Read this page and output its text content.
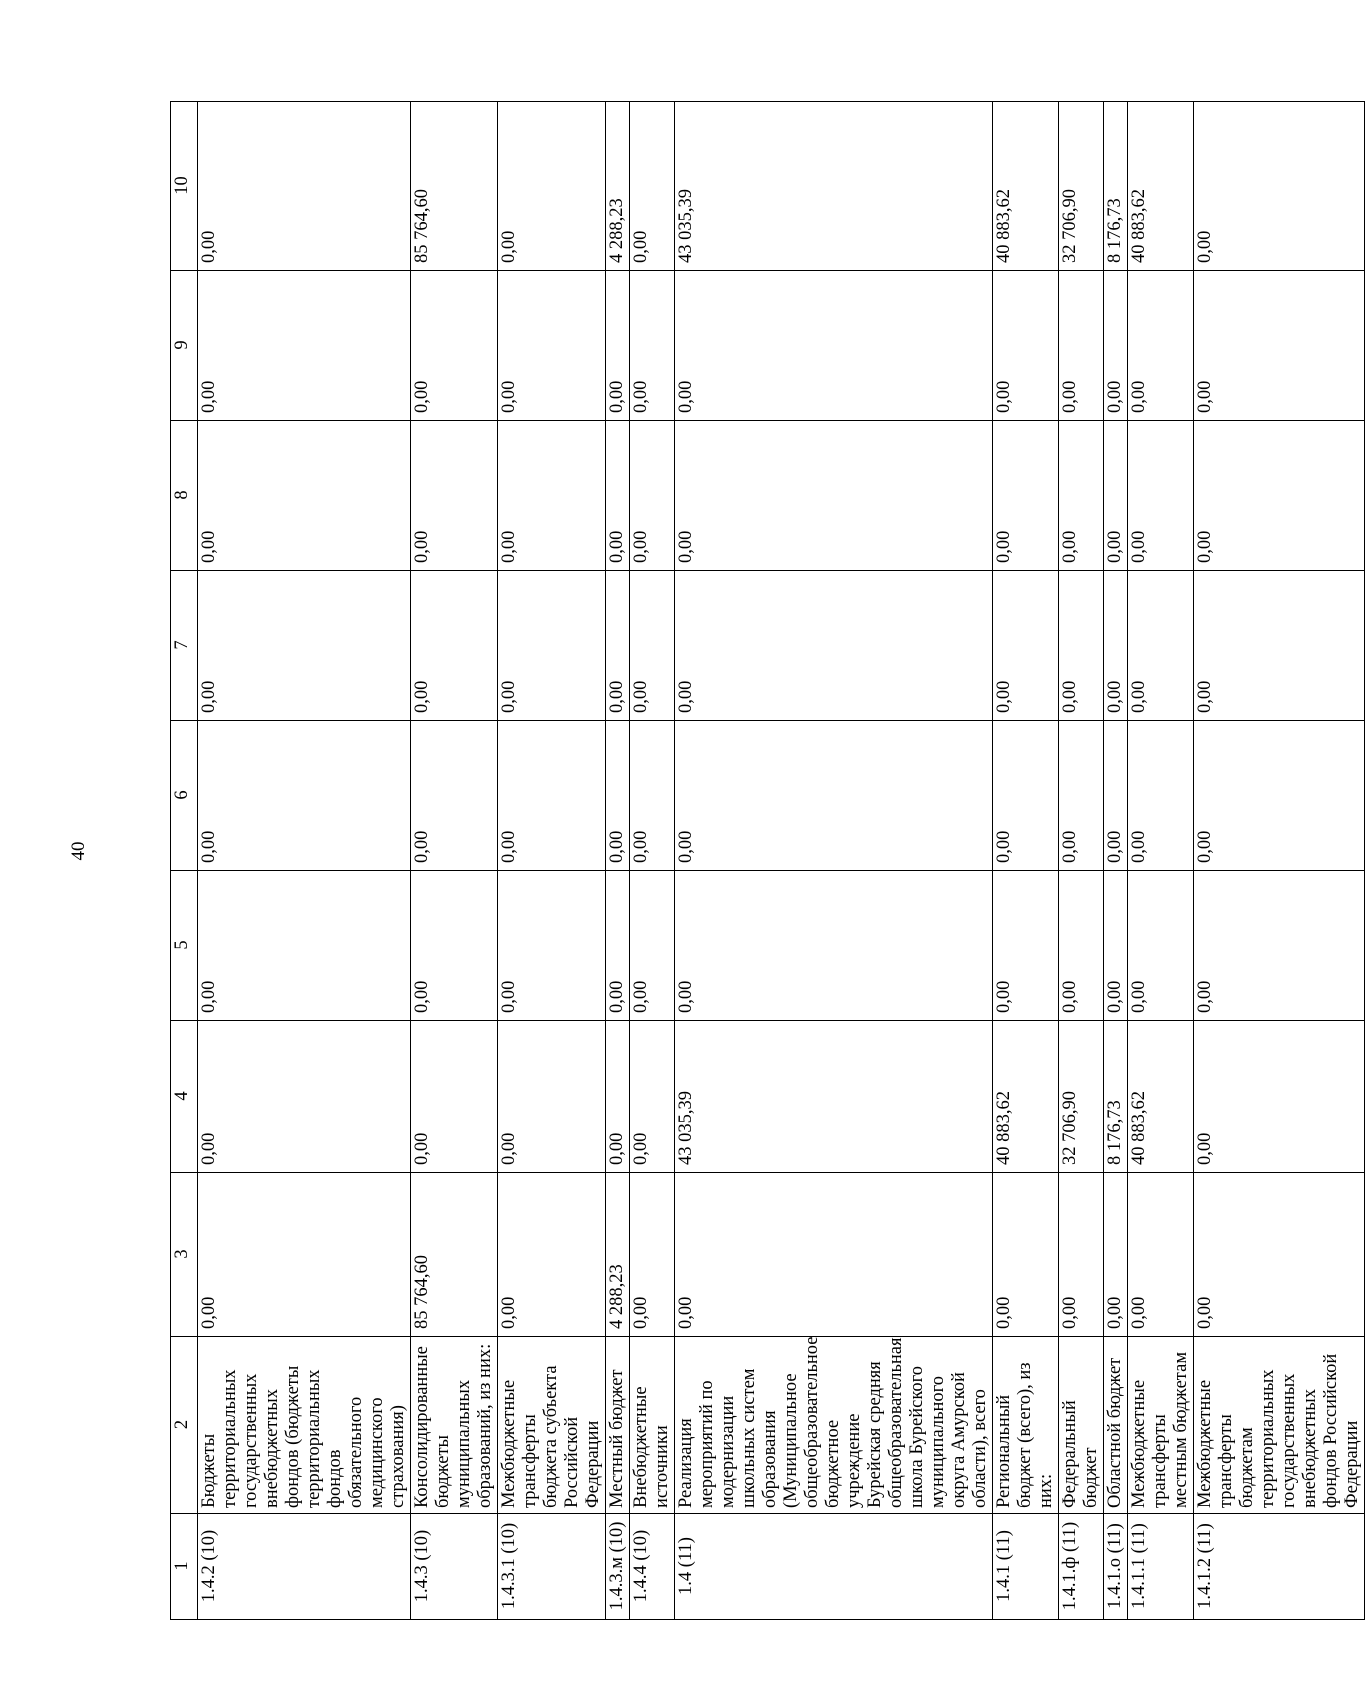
40
1	2	3	4	5	6	7	8	9	10
1.4.2 (10)	Бюджеты территориальных государственных внебюджетных фондов (бюджеты территориальных фондов обязательного медицинского страхования)	0,00	0,00	0,00	0,00	0,00	0,00	0,00	0,00
1.4.3 (10)	Консолидированные бюджеты муниципальных образований, из них:	85 764,60	0,00	0,00	0,00	0,00	0,00	0,00	85 764,60
1.4.3.1 (10)	Межбюджетные трансферты бюджета субъекта Российской Федерации	0,00	0,00	0,00	0,00	0,00	0,00	0,00	0,00
1.4.3.м (10)	Местный бюджет	4 288,23	0,00	0,00	0,00	0,00	0,00	0,00	4 288,23
1.4.4 (10)	Внебюджетные источники	0,00	0,00	0,00	0,00	0,00	0,00	0,00	0,00
1.4 (11)	Реализация мероприятий по модернизации школьных систем образования (Муниципальное общеобразовательное бюджетное учреждение Бурейская средняя общеобразовательная школа Бурейского муниципального округа Амурской области), всего	0,00	43 035,39	0,00	0,00	0,00	0,00	0,00	43 035,39
1.4.1 (11)	Региональный бюджет (всего), из них:	0,00	40 883,62	0,00	0,00	0,00	0,00	0,00	40 883,62
1.4.1.ф (11)	Федеральный бюджет	0,00	32 706,90	0,00	0,00	0,00	0,00	0,00	32 706,90
1.4.1.о (11)	Областной бюджет	0,00	8 176,73	0,00	0,00	0,00	0,00	0,00	8 176,73
1.4.1.1 (11)	Межбюджетные трансферты местным бюджетам	0,00	40 883,62	0,00	0,00	0,00	0,00	0,00	40 883,62
1.4.1.2 (11)	Межбюджетные трансферты бюджетам территориальных государственных внебюджетных фондов Российской Федерации	0,00	0,00	0,00	0,00	0,00	0,00	0,00	0,00
